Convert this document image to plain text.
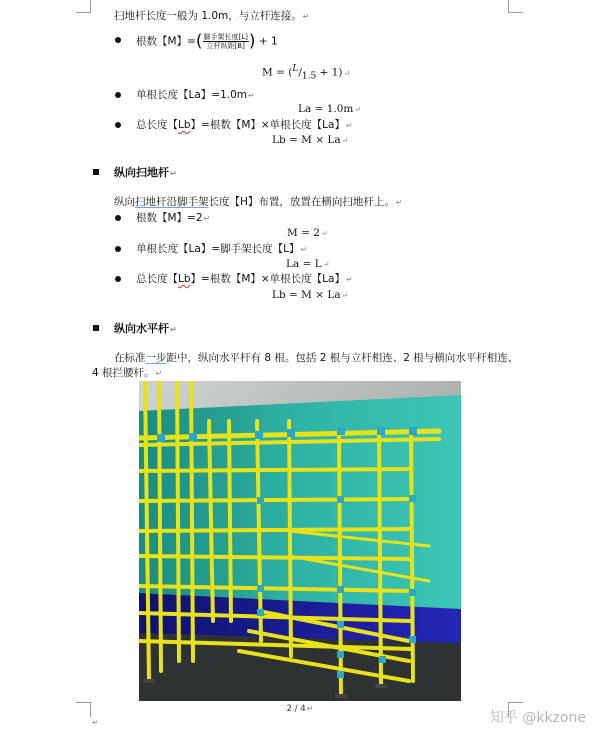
扫地杆长度一般为 1.0m，与立杆连接。↵
根数【M】=( $\frac{\text{脚手架长度[L]}}{\text{立杆纵距[B]}}$ ) + 1
$M = (^L/_{1.5}$ + 1)↵
单根长度【La】=1.0m↵
La = 1.0m↵
总长度【Lb】=根数【M】×单根长度【La】↵
Lb = M × La↵
纵向扫地杆↵
纵向扫地杆沿脚手架长度【H】布置，放置在横向扫地杆上。↵
根数【M】=2↵
M = 2↵
单根长度【La】=脚手架长度【L】↵
La = L↵
总长度【Lb】=根数【M】×单根长度【La】↵
Lb = M × La↵
纵向水平杆↵
在标准一步距中，纵向水平杆有 8 根。包括 2 根与立杆相连、2 根与横向水平杆相连、
4 根拦腰杆。↵
2 / 4↵
↵	知乎 @kkzone
